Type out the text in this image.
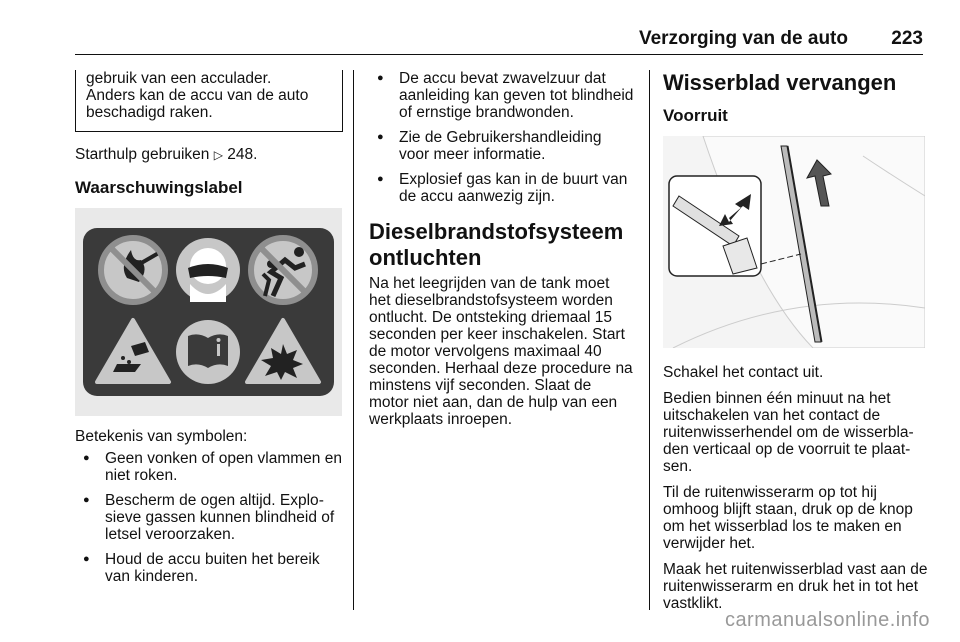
Verzorging van de auto 223
gebruik van een acculader.
Anders kan de accu van de auto
beschadigd raken.

Starthulp gebruiken ▷ 248.

Waarschuwingslabel

Betekenis van symbolen:

● Geen vonken of open vlammen en niet roken.
● Bescherm de ogen altijd. Explosieve gassen kunnen blindheid of letsel veroorzaken.
● Houd de accu buiten het bereik van kinderen.
● De accu bevat zwavelzuur dat aanleiding kan geven tot blindheid of ernstige brandwonden.
● Zie de Gebruikershandleiding voor meer informatie.
● Explosief gas kan in de buurt van de accu aanwezig zijn.
Dieselbrandstofsysteem ontluchten

Na het leegrijden van de tank moet het dieselbrandstofsysteem worden ontlucht. De ontsteking driemaal 15 seconden per keer inschakelen. Start de motor vervolgens maximaal 40 seconden. Herhaal deze procedure na minstens vijf seconden. Slaat de motor niet aan, dan de hulp van een werkplaats inroepen.

Wisserblad vervangen
Voorruit

Schakel het contact uit.

Bedien binnen één minuut na het uitschakelen van het contact de ruitenwisserhendel om de wisserbladen verticaal op de voorruit te plaatsen.

Til de ruitenwisserarm op tot hij omhoog blijft staan, druk op de knop om het wisserblad los te maken en verwijder het.

Maak het ruitenwisserblad vast aan de ruitenwisserarm en druk het in tot het vastklikt.

carmanualsonline.info
